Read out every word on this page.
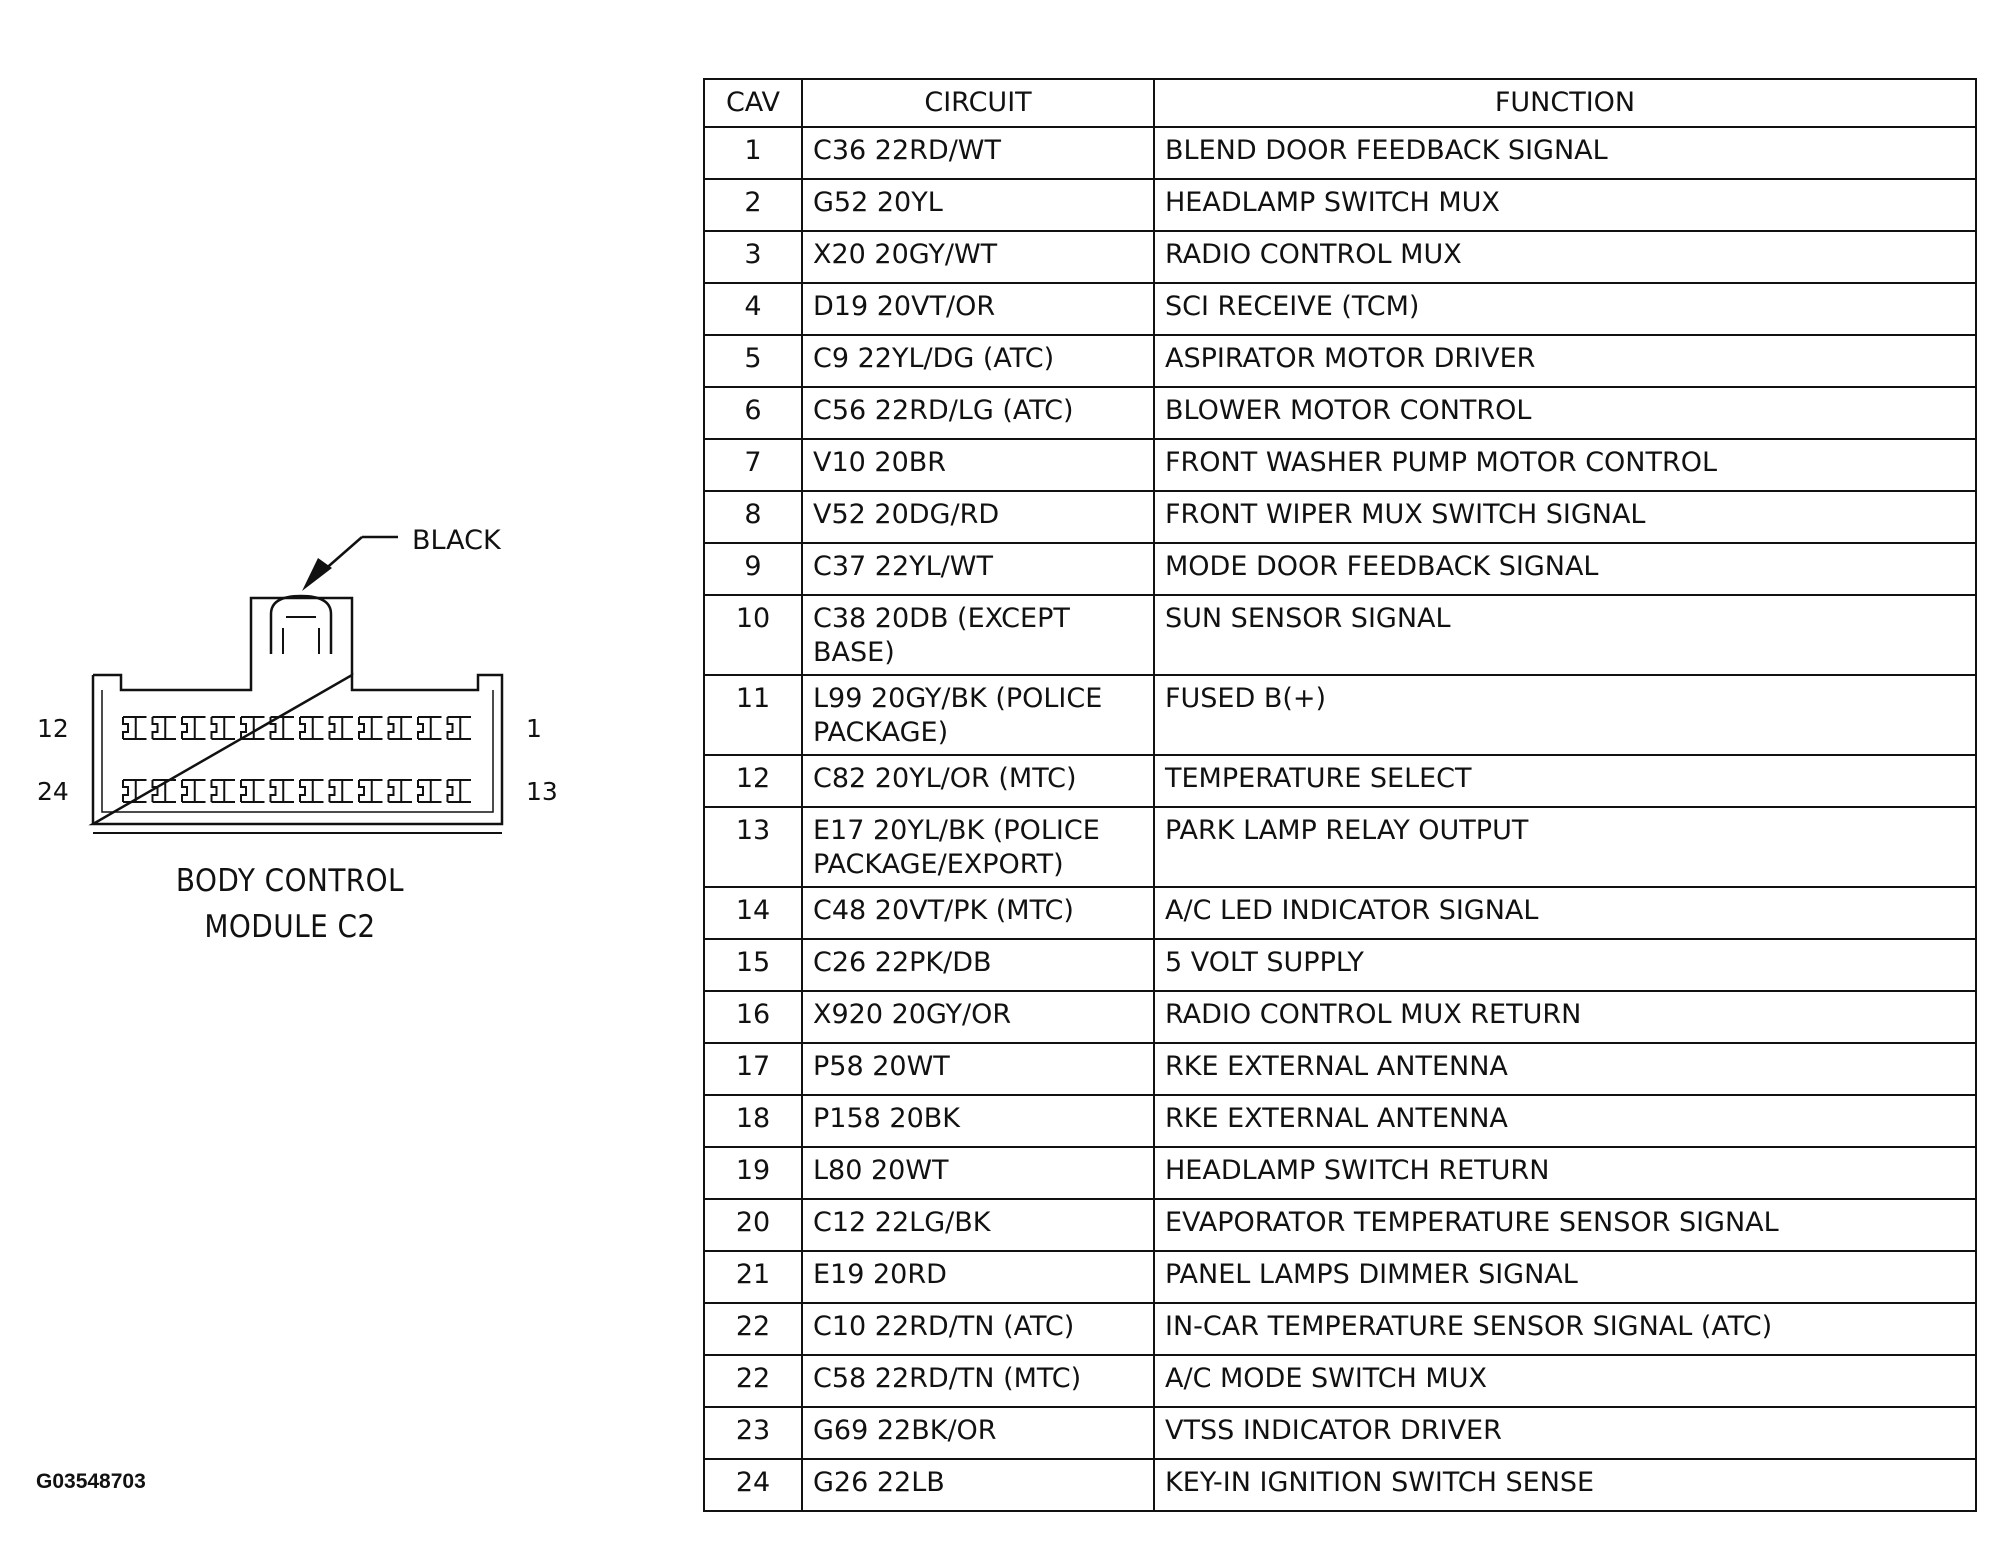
BLACK
12	1
24	13
BODY CONTROL
MODULE C2
G03548703
CAV	CIRCUIT	FUNCTION
1	C36 22RD/WT	BLEND DOOR FEEDBACK SIGNAL
2	G52 20YL	HEADLAMP SWITCH MUX
3	X20 20GY/WT	RADIO CONTROL MUX
4	D19 20VT/OR	SCI RECEIVE (TCM)
5	C9 22YL/DG (ATC)	ASPIRATOR MOTOR DRIVER
6	C56 22RD/LG (ATC)	BLOWER MOTOR CONTROL
7	V10 20BR	FRONT WASHER PUMP MOTOR CONTROL
8	V52 20DG/RD	FRONT WIPER MUX SWITCH SIGNAL
9	C37 22YL/WT	MODE DOOR FEEDBACK SIGNAL
10	C38 20DB (EXCEPT BASE)	SUN SENSOR SIGNAL
11	L99 20GY/BK (POLICE PACKAGE)	FUSED B(+)
12	C82 20YL/OR (MTC)	TEMPERATURE SELECT
13	E17 20YL/BK (POLICE PACKAGE/EXPORT)	PARK LAMP RELAY OUTPUT
14	C48 20VT/PK (MTC)	A/C LED INDICATOR SIGNAL
15	C26 22PK/DB	5 VOLT SUPPLY
16	X920 20GY/OR	RADIO CONTROL MUX RETURN
17	P58 20WT	RKE EXTERNAL ANTENNA
18	P158 20BK	RKE EXTERNAL ANTENNA
19	L80 20WT	HEADLAMP SWITCH RETURN
20	C12 22LG/BK	EVAPORATOR TEMPERATURE SENSOR SIGNAL
21	E19 20RD	PANEL LAMPS DIMMER SIGNAL
22	C10 22RD/TN (ATC)	IN-CAR TEMPERATURE SENSOR SIGNAL (ATC)
22	C58 22RD/TN (MTC)	A/C MODE SWITCH MUX
23	G69 22BK/OR	VTSS INDICATOR DRIVER
24	G26 22LB	KEY-IN IGNITION SWITCH SENSE
